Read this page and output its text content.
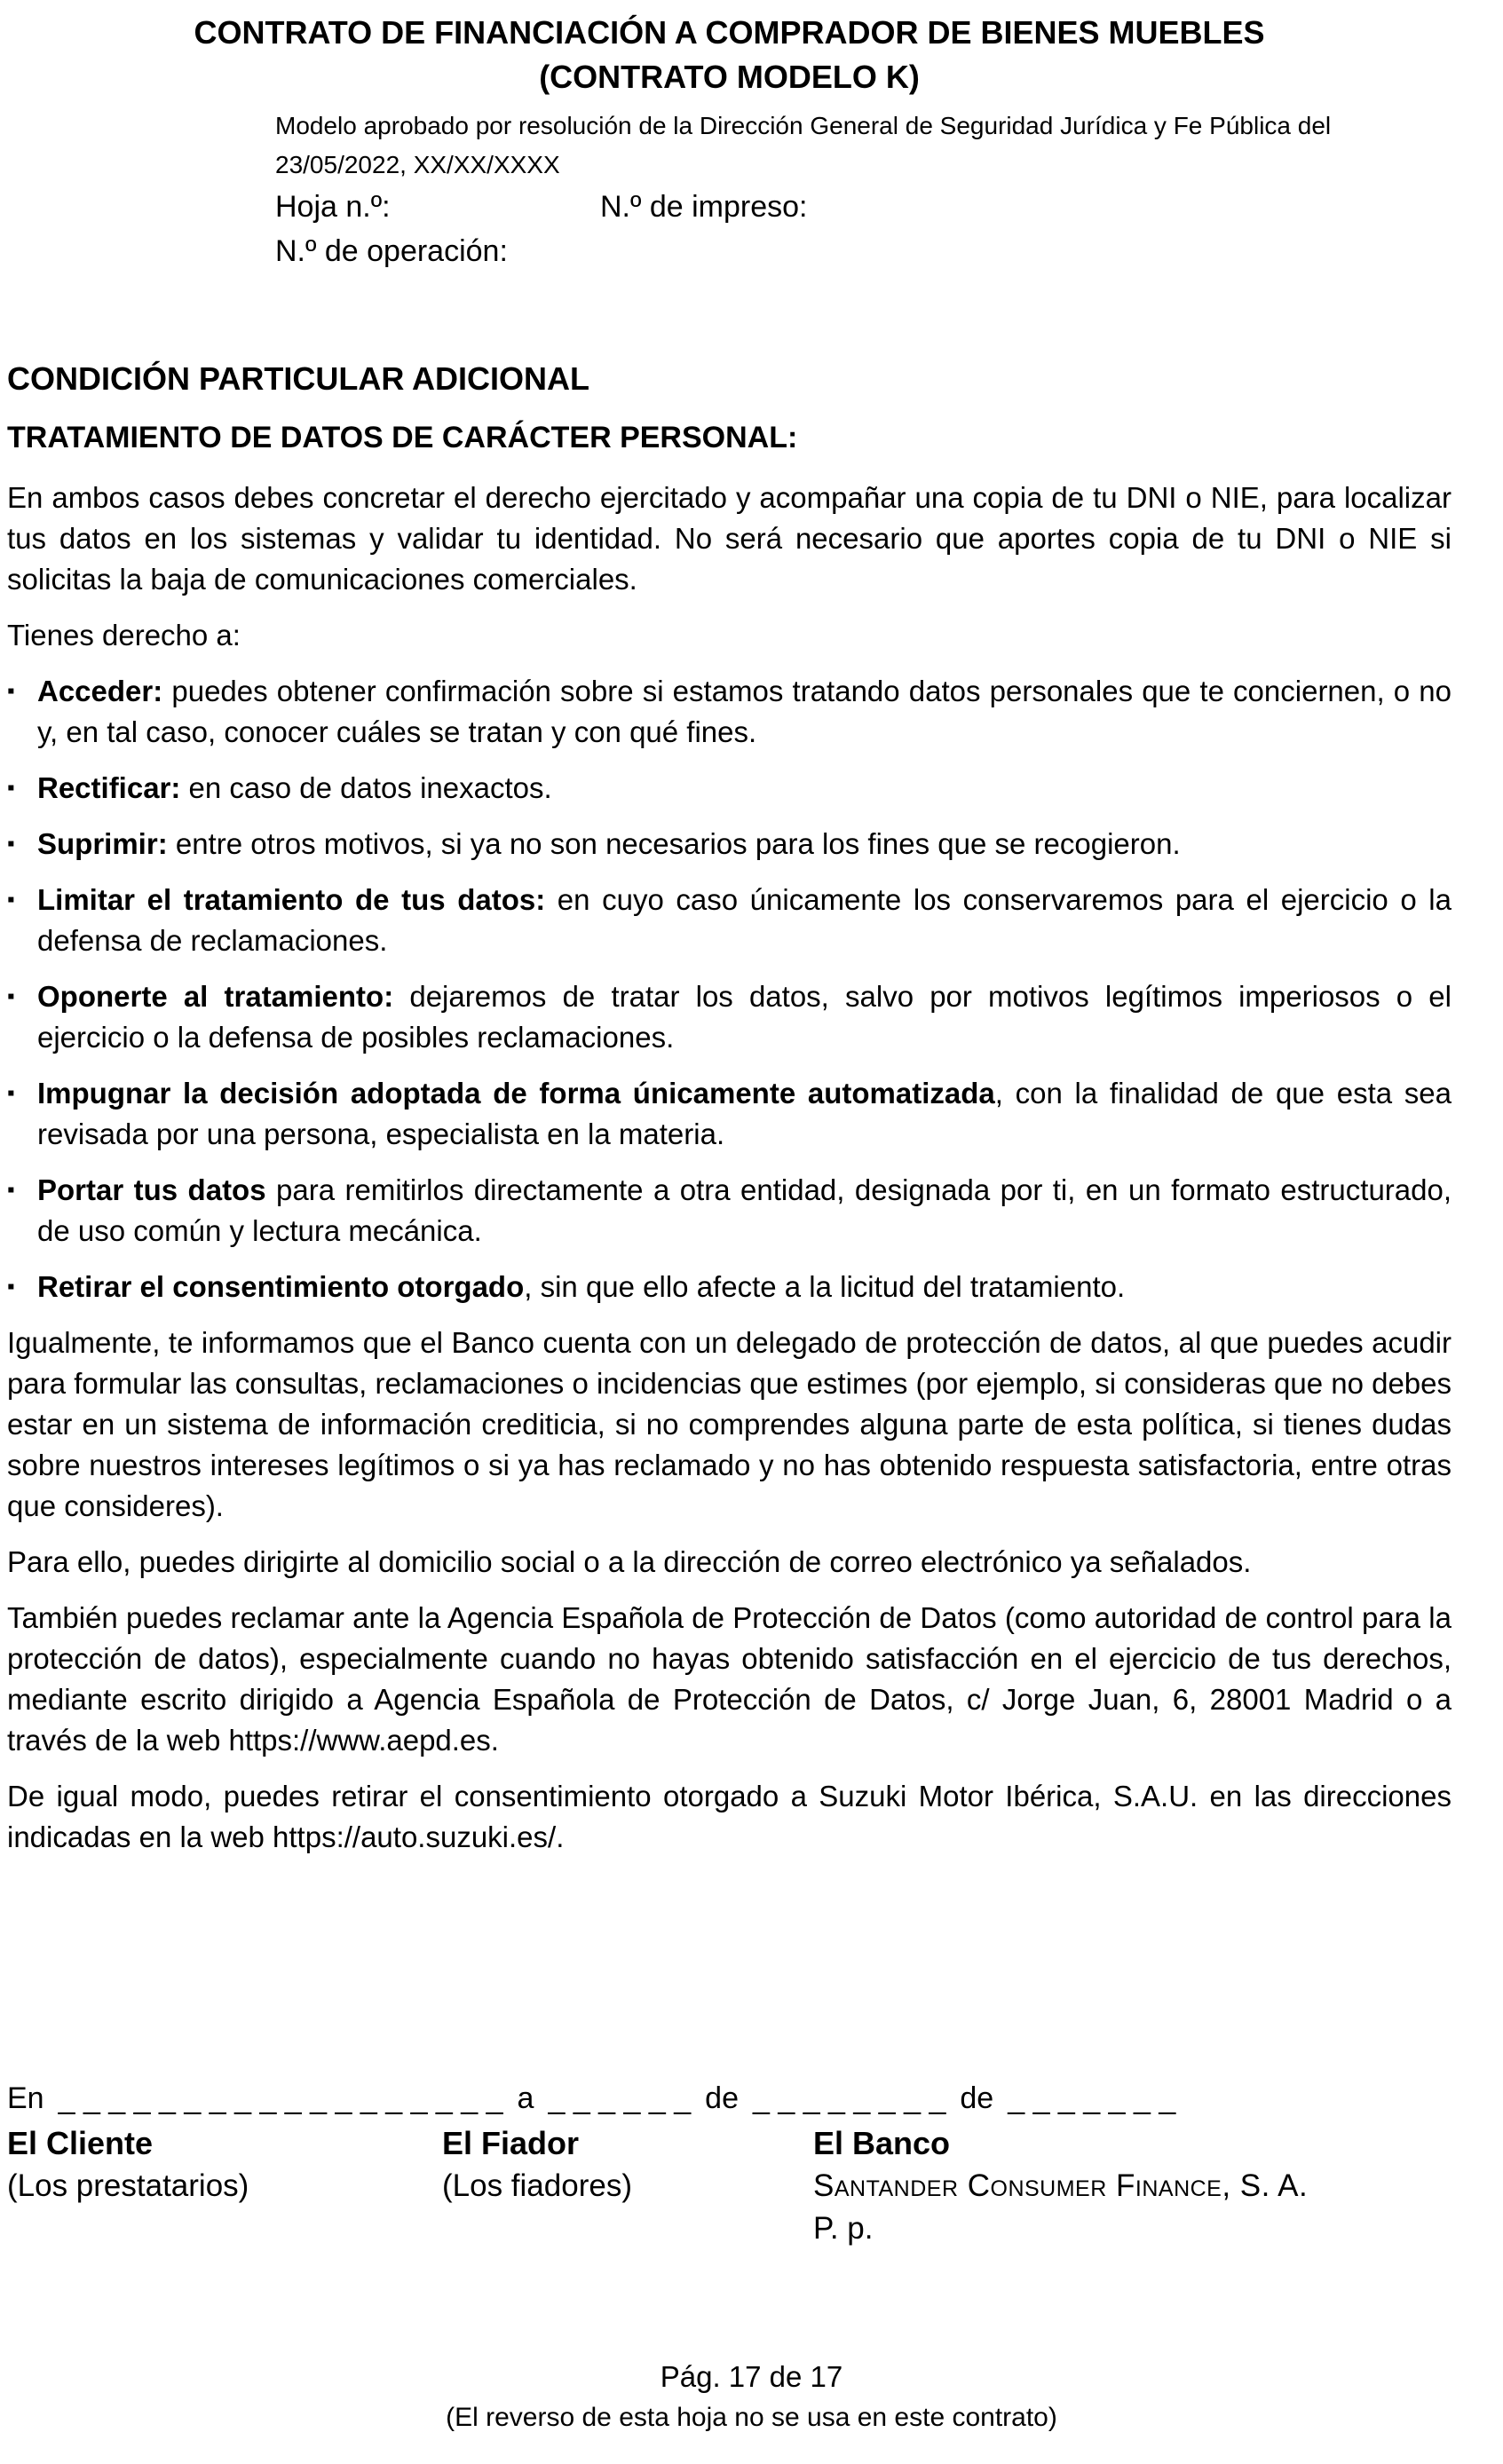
CONTRATO DE FINANCIACIÓN A COMPRADOR DE BIENES MUEBLES
(CONTRATO MODELO K)
Modelo aprobado por resolución de la Dirección General de Seguridad Jurídica y Fe Pública del
23/05/2022, XX/XX/XXXX
Hoja n.º:	N.º de impreso:
N.º de operación:
CONDICIÓN PARTICULAR ADICIONAL
TRATAMIENTO DE DATOS DE CARÁCTER PERSONAL:

En ambos casos debes concretar el derecho ejercitado y acompañar una copia de tu DNI o NIE, para localizar tus datos en los sistemas y validar tu identidad. No será necesario que aportes copia de tu DNI o NIE si solicitas la baja de comunicaciones comerciales.

Tienes derecho a:

▪ Acceder: puedes obtener confirmación sobre si estamos tratando datos personales que te conciernen, o no y, en tal caso, conocer cuáles se tratan y con qué fines.
▪ Rectificar: en caso de datos inexactos.
▪ Suprimir: entre otros motivos, si ya no son necesarios para los fines que se recogieron.
▪ Limitar el tratamiento de tus datos: en cuyo caso únicamente los conservaremos para el ejercicio o la defensa de reclamaciones.
▪ Oponerte al tratamiento: dejaremos de tratar los datos, salvo por motivos legítimos imperiosos o el ejercicio o la defensa de posibles reclamaciones.
▪ Impugnar la decisión adoptada de forma únicamente automatizada, con la finalidad de que esta sea revisada por una persona, especialista en la materia.
▪ Portar tus datos para remitirlos directamente a otra entidad, designada por ti, en un formato estructurado, de uso común y lectura mecánica.
▪ Retirar el consentimiento otorgado, sin que ello afecte a la licitud del tratamiento.

Igualmente, te informamos que el Banco cuenta con un delegado de protección de datos, al que puedes acudir para formular las consultas, reclamaciones o incidencias que estimes (por ejemplo, si consideras que no debes estar en un sistema de información crediticia, si no comprendes alguna parte de esta política, si tienes dudas sobre nuestros intereses legítimos o si ya has reclamado y no has obtenido respuesta satisfactoria, entre otras que consideres).

Para ello, puedes dirigirte al domicilio social o a la dirección de correo electrónico ya señalados.

También puedes reclamar ante la Agencia Española de Protección de Datos (como autoridad de control para la protección de datos), especialmente cuando no hayas obtenido satisfacción en el ejercicio de tus derechos, mediante escrito dirigido a Agencia Española de Protección de Datos, c/ Jorge Juan, 6, 28001 Madrid o a través de la web https://www.aepd.es.

De igual modo, puedes retirar el consentimiento otorgado a Suzuki Motor Ibérica, S.A.U. en las direcciones indicadas en la web https://auto.suzuki.es/.

En _ _ _ _ _ _ _ _ _ _ _ _ _ _ _ _ _ _ a _ _ _ _ _ _ de _ _ _ _ _ _ _ _ de _ _ _ _ _ _ _
El Cliente
(Los prestatarios)
El Fiador
(Los fiadores)
El Banco
Santander Consumer Finance, S. A.
P. p.
Pág. 17 de 17
(El reverso de esta hoja no se usa en este contrato)
